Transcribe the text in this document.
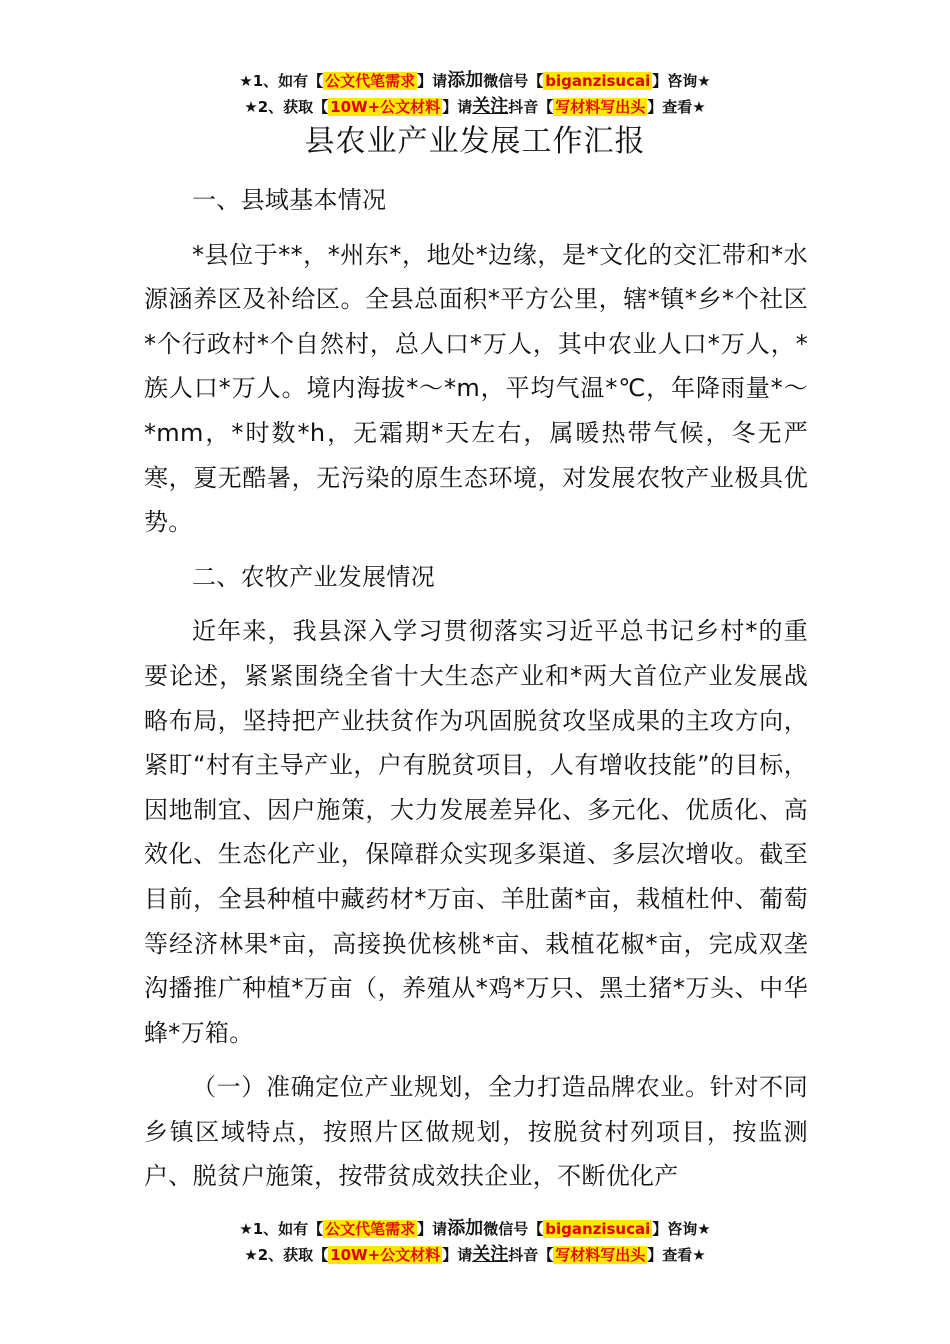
★1、如有【 公文代笔需求 】请添加微信号【 biganzisucai 】咨询★
★2、获取【 10W+公文材料 】请关注抖音【 写材料写出头 】查看★
县农业产业发展工作汇报

一、县域基本情况

*县位于**，*州东*，地处*边缘，是*文化的交汇带和*水源涵养区及补给区。全县总面积*平方公里，辖*镇*乡*个社区*个行政村*个自然村，总人口*万人，其中农业人口*万人，*族人口*万人。境内海拔*～*m，平均气温*℃，年降雨量*～*mm，*时数*h，无霜期*天左右，属暖热带气候，冬无严寒，夏无酷暑，无污染的原生态环境，对发展农牧产业极具优势。

二、农牧产业发展情况

近年来，我县深入学习贯彻落实习近平总书记乡村*的重要论述，紧紧围绕全省十大生态产业和*两大首位产业发展战略布局，坚持把产业扶贫作为巩固脱贫攻坚成果的主攻方向，紧盯“村有主导产业，户有脱贫项目，人有增收技能”的目标，因地制宜、因户施策，大力发展差异化、多元化、优质化、高效化、生态化产业，保障群众实现多渠道、多层次增收。截至目前，全县种植中藏药材*万亩、羊肚菌*亩，栽植杜仲、葡萄等经济林果*亩，高接换优核桃*亩、栽植花椒*亩，完成双垄沟播推广种植*万亩（，养殖从*鸡*万只、黑土猪*万头、中华蜂*万箱。

（一）准确定位产业规划，全力打造品牌农业。针对不同乡镇区域特点，按照片区做规划，按脱贫村列项目，按监测户、脱贫户施策，按带贫成效扶企业，不断优化产

★1、如有【 公文代笔需求 】请添加微信号【 biganzisucai 】咨询★
★2、获取【 10W+公文材料 】请关注抖音【 写材料写出头 】查看★
